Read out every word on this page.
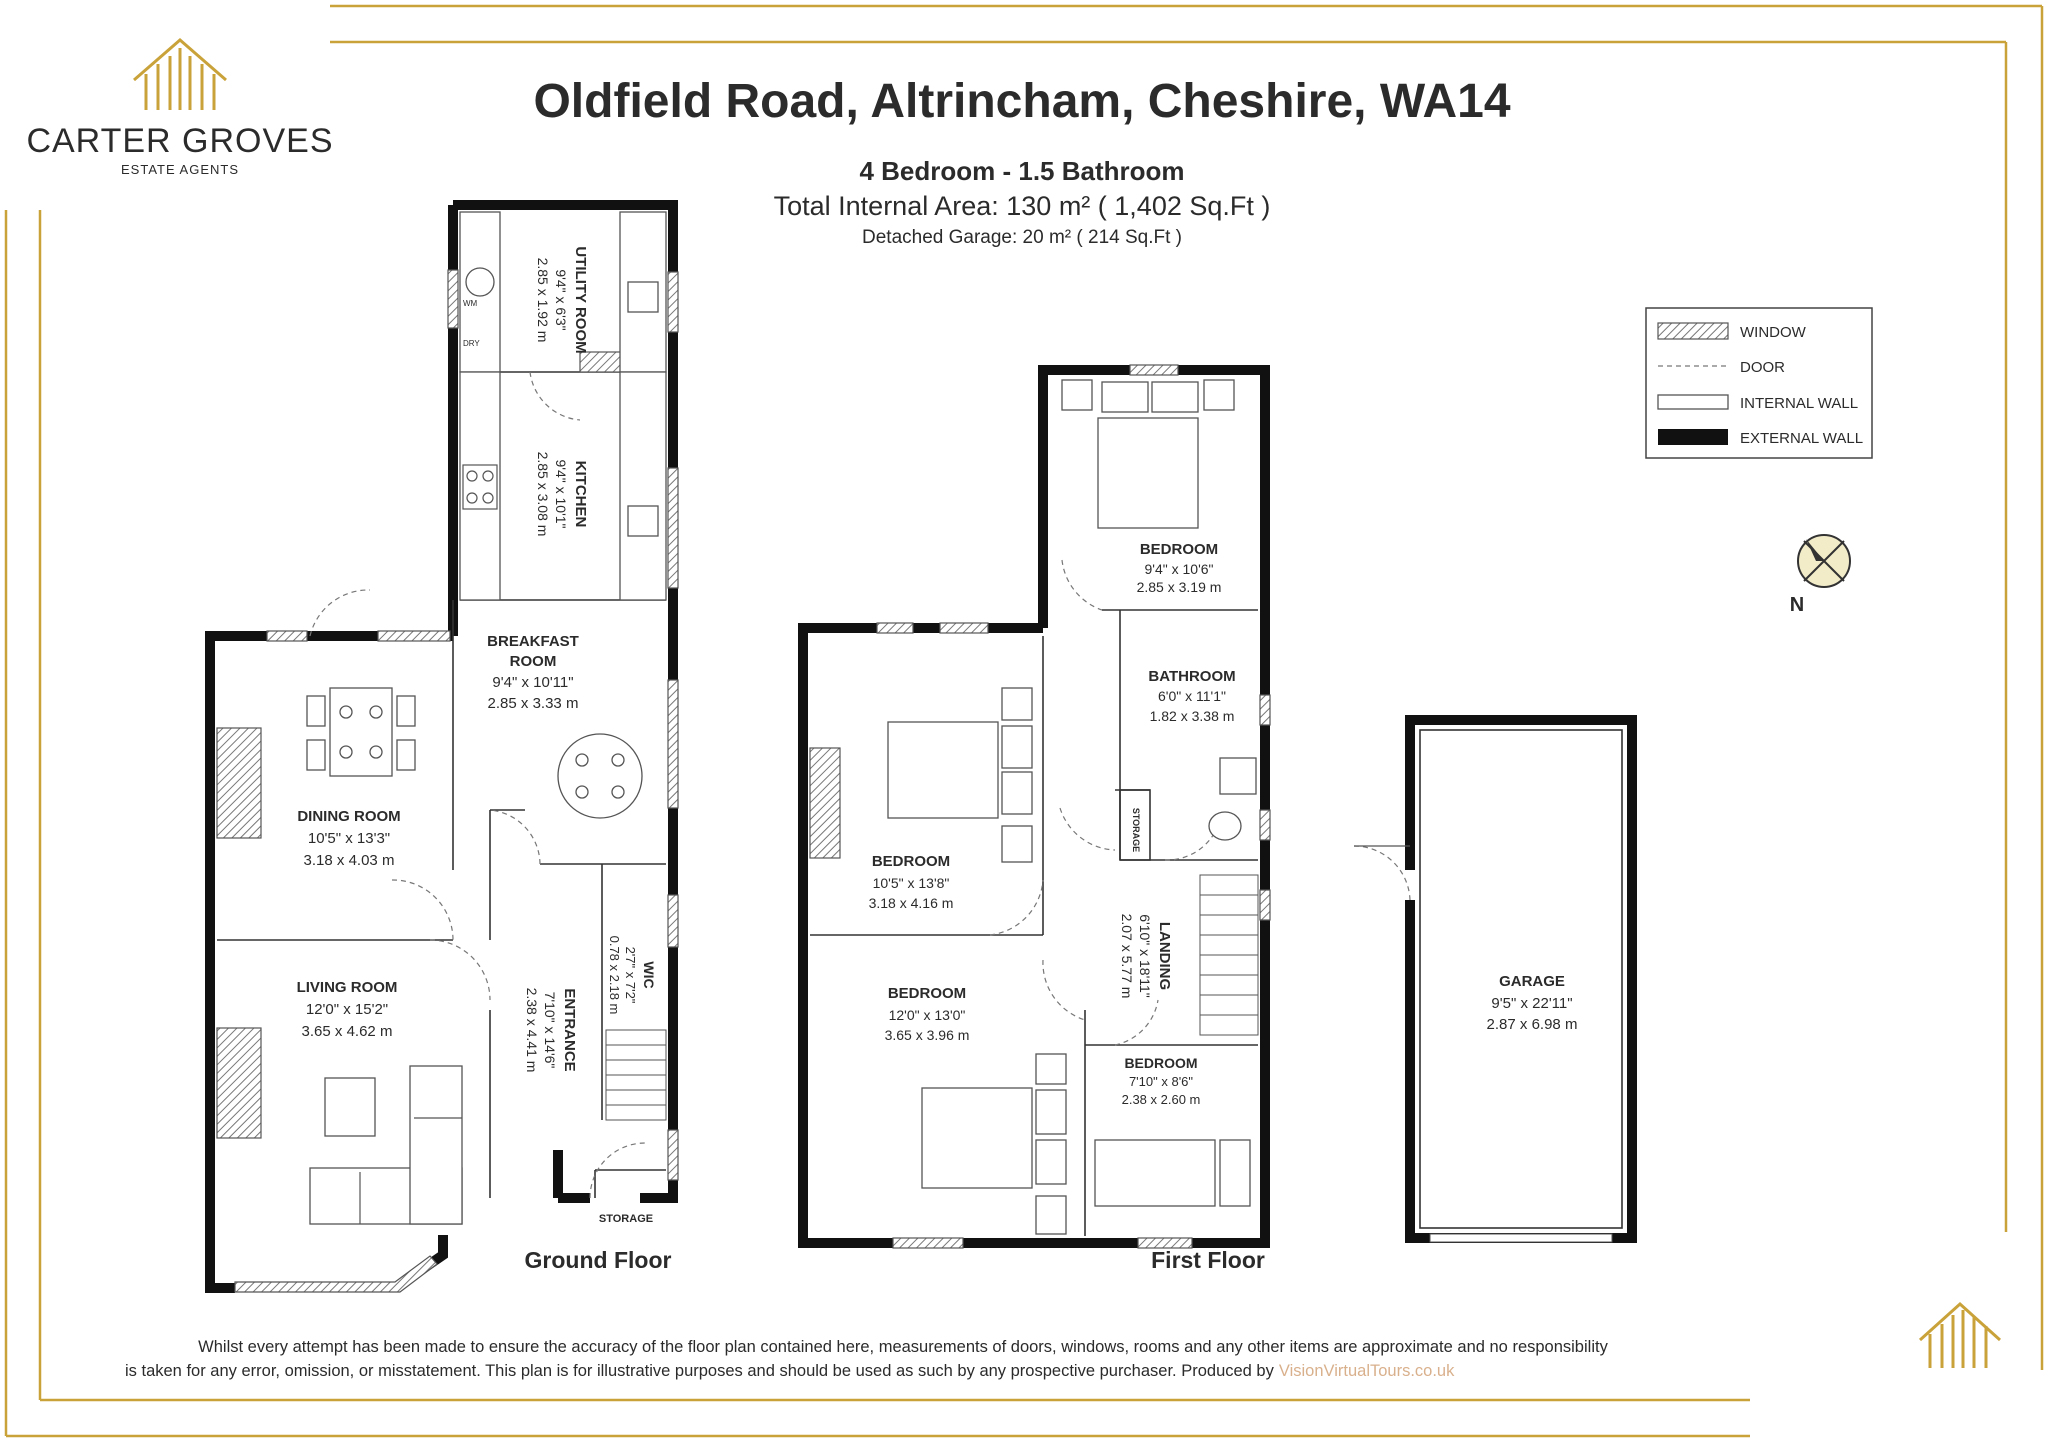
CARTER GROVES
ESTATE AGENTS
Oldfield Road, Altrincham, Cheshire, WA14
4 Bedroom - 1.5 Bathroom
Total Internal Area: 130 m² ( 1,402 Sq.Ft )
Detached Garage: 20 m² ( 214 Sq.Ft )
WINDOW
DOOR
INTERNAL WALL
EXTERNAL WALL
N
WM
DRY	UTILITY ROOM
9'4" x 6'3"
2.85 x 1.92 m
KITCHEN
9'4" x 10'1"
2.85 x 3.08 m
BREAKFAST
ROOM
9'4" x 10'11"
2.85 x 3.33 m
DINING ROOM
10'5" x 13'3"
3.18 x 4.03 m
LIVING ROOM
12'0" x 15'2"
3.65 x 4.62 m	ENTRANCE
7'10" x 14'6"
2.38 x 4.41 m
WIC
2'7" x 7'2"
0.78 x 2.18 m
STORAGE
Ground Floor
BEDROOM
9'4" x 10'6"
2.85 x 3.19 m
BATHROOM
6'0" x 11'1"
1.82 x 3.38 m
STORAGE
BEDROOM
10'5" x 13'8"
3.18 x 4.16 m
LANDING
6'10" x 18'11"
2.07 x 5.77 m
BEDROOM
12'0" x 13'0"
3.65 x 3.96 m
BEDROOM
7'10" x 8'6"
2.38 x 2.60 m
First Floor
GARAGE
9'5" x 22'11"
2.87 x 6.98 m
Whilst every attempt has been made to ensure the accuracy of the floor plan contained here, measurements of doors, windows, rooms and any other items are approximate and no responsibility
is taken for any error, omission, or misstatement. This plan is for illustrative purposes and should be used as such by any prospective purchaser. Produced by VisionVirtualTours.co.uk
